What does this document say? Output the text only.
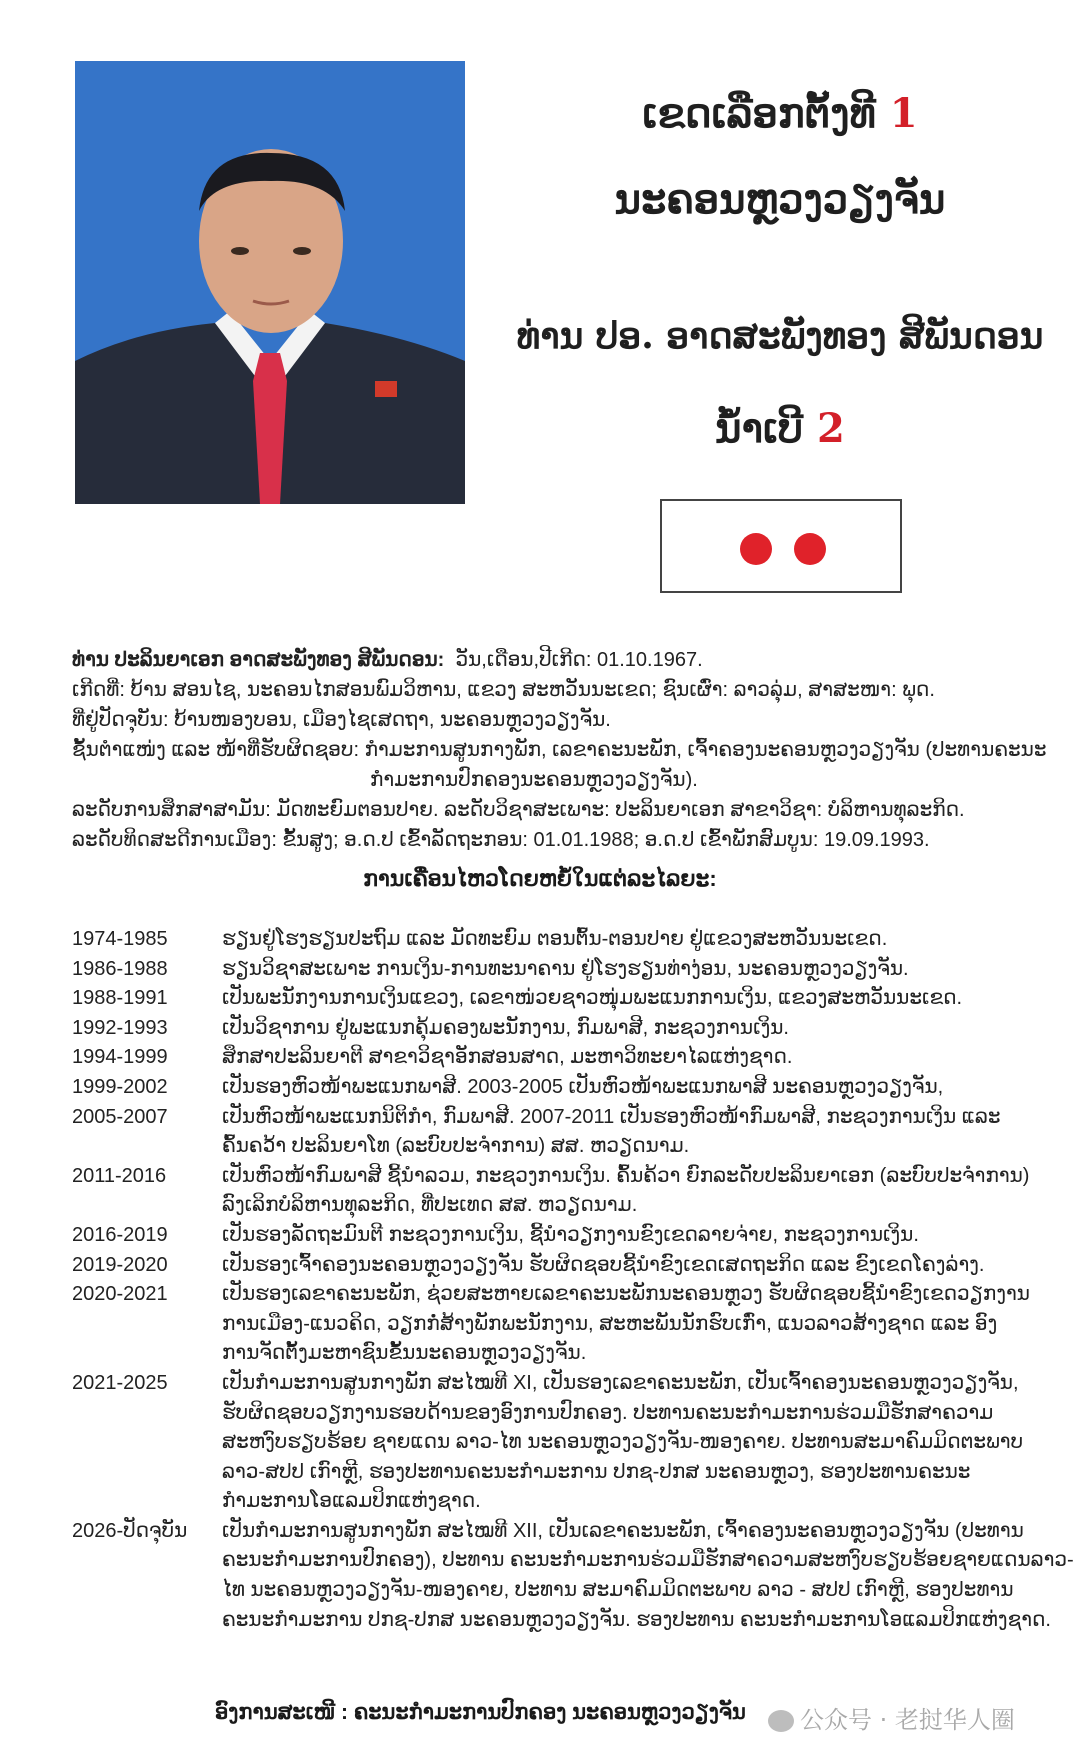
ເຂດເລືອກຕັ້ງທີ 1
ນະຄອນຫຼວງວຽງຈັນ
ທ່ານ ປອ. ອາດສະພັງທອງ ສີພັນດອນ
ນໍ້າເບີ 2
ທ່ານ ປະລິນຍາເອກ ອາດສະພັງທອງ ສີພັນດອນ: ວັນ,ເດືອນ,ປີເກີດ: 01.10.1967.
ເກີດທີ່: ບ້ານ ສອນໄຊ, ນະຄອນໄກສອນພົມວິຫານ, ແຂວງ ສະຫວັນນະເຂດ; ຊົນເຜົ່າ: ລາວລຸ່ມ, ສາສະໜາ: ພຸດ.
ທີ່ຢູ່ປັດຈຸບັນ: ບ້ານໜອງບອນ, ເມືອງໄຊເສດຖາ, ນະຄອນຫຼວງວຽງຈັນ.
ຊັ້ນຕຳແໜ່ງ ແລະ ໜ້າທີ່ຮັບຜິດຊອບ: ກຳມະການສູນກາງພັກ, ເລຂາຄະນະພັກ, ເຈົ້າຄອງນະຄອນຫຼວງວຽງຈັນ (ປະທານຄະນະ
ກຳມະການປົກຄອງນະຄອນຫຼວງວຽງຈັນ).
ລະດັບການສຶກສາສາມັນ: ມັດທະຍົມຕອນປາຍ. ລະດັບວິຊາສະເພາະ: ປະລິນຍາເອກ ສາຂາວິຊາ: ບໍລິຫານທຸລະກິດ.
ລະດັບທິດສະດີການເມືອງ: ຂັ້ນສູງ; ອ.ດ.ປ ເຂົ້າລັດຖະກອນ: 01.01.1988; ອ.ດ.ປ ເຂົ້າພັກສົມບູນ: 19.09.1993.
ການເຄື່ອນໄຫວໂດຍຫຍໍ້ໃນແຕ່ລະໄລຍະ:
1974-1985	ຮຽນຢູ່ໂຮງຮຽນປະຖົມ ແລະ ມັດທະຍົມ ຕອນຕົ້ນ-ຕອນປາຍ ຢູ່ແຂວງສະຫວັນນະເຂດ.
1986-1988	ຮຽນວິຊາສະເພາະ ການເງິນ-ການທະນາຄານ ຢູ່ໂຮງຮຽນທ່າງ່ອນ, ນະຄອນຫຼວງວຽງຈັນ.
1988-1991	ເປັນພະນັກງານການເງິນແຂວງ, ເລຂາໜ່ວຍຊາວໜຸ່ມພະແນກການເງິນ, ແຂວງສະຫວັນນະເຂດ.
1992-1993	ເປັນວິຊາການ ຢູ່ພະແນກຄຸ້ມຄອງພະນັກງານ, ກົມພາສີ, ກະຊວງການເງິນ.
1994-1999	ສຶກສາປະລິນຍາຕີ ສາຂາວິຊາອັກສອນສາດ, ມະຫາວິທະຍາໄລແຫ່ງຊາດ.
1999-2002	ເປັນຮອງຫົວໜ້າພະແນກພາສີ. 2003-2005 ເປັນຫົວໜ້າພະແນກພາສີ ນະຄອນຫຼວງວຽງຈັນ,
2005-2007	ເປັນຫົວໜ້າພະແນກນິຕິກຳ, ກົມພາສີ. 2007-2011 ເປັນຮອງຫົວໜ້າກົມພາສີ, ກະຊວງການເງິນ ແລະ
ຄົ້ນຄວ້າ ປະລິນຍາໂທ (ລະບົບປະຈຳການ) ສສ. ຫວຽດນາມ.
2011-2016	ເປັນຫົວໜ້າກົມພາສີ ຊີ້ນຳລວມ, ກະຊວງການເງິນ. ຄົ້ນຄ້ວາ ຍົກລະດັບປະລິນຍາເອກ (ລະບົບປະຈຳການ)
ລົງເລິກບໍລິຫານທຸລະກິດ, ທີ່ປະເທດ ສສ. ຫວຽດນາມ.
2016-2019	ເປັນຮອງລັດຖະມົນຕີ ກະຊວງການເງິນ, ຊີ້ນຳວຽກງານຂົງເຂດລາຍຈ່າຍ, ກະຊວງການເງິນ.
2019-2020	ເປັນຮອງເຈົ້າຄອງນະຄອນຫຼວງວຽງຈັນ ຮັບຜິດຊອບຊີ້ນຳຂົງເຂດເສດຖະກິດ ແລະ ຂົງເຂດໂຄງລ່າງ.
2020-2021	ເປັນຮອງເລຂາຄະນະພັກ, ຊ່ວຍສະຫາຍເລຂາຄະນະພັກນະຄອນຫຼວງ ຮັບຜິດຊອບຊີ້ນຳຂົງເຂດວຽກງານ
ການເມືອງ-ແນວຄິດ, ວຽກກໍ່ສ້າງພັກພະນັກງານ, ສະຫະພັນນັກຮົບເກົ່າ, ແນວລາວສ້າງຊາດ ແລະ ອົງ
ການຈັດຕັ້ງມະຫາຊົນຂັ້ນນະຄອນຫຼວງວຽງຈັນ.
2021-2025	ເປັນກຳມະການສູນກາງພັກ ສະໄໝທີ XI, ເປັນຮອງເລຂາຄະນະພັກ, ເປັນເຈົ້າຄອງນະຄອນຫຼວງວຽງຈັນ,
ຮັບຜິດຊອບວຽກງານຮອບດ້ານຂອງອົງການປົກຄອງ. ປະທານຄະນະກຳມະການຮ່ວມມືຮັກສາຄວາມ
ສະຫງົບຮຽບຮ້ອຍ ຊາຍແດນ ລາວ-ໄທ ນະຄອນຫຼວງວຽງຈັນ-ໜອງຄາຍ. ປະທານສະມາຄົມມິດຕະພາບ
ລາວ-ສປປ ເກົາຫຼີ, ຮອງປະທານຄະນະກຳມະການ ປກຊ-ປກສ ນະຄອນຫຼວງ, ຮອງປະທານຄະນະ
ກຳມະການໂອແລມປິກແຫ່ງຊາດ.
2026-ປັດຈຸບັນ	ເປັນກຳມະການສູນກາງພັກ ສະໄໝທີ XII, ເປັນເລຂາຄະນະພັກ, ເຈົ້າຄອງນະຄອນຫຼວງວຽງຈັນ (ປະທານ
ຄະນະກຳມະການປົກຄອງ), ປະທານ ຄະນະກຳມະການຮ່ວມມືຮັກສາຄວາມສະຫງົບຮຽບຮ້ອຍຊາຍແດນລາວ-
ໄທ ນະຄອນຫຼວງວຽງຈັນ-ໜອງຄາຍ, ປະທານ ສະມາຄົມມິດຕະພາບ ລາວ - ສປປ ເກົາຫຼີ, ຮອງປະທານ
ຄະນະກຳມະການ ປກຊ-ປກສ ນະຄອນຫຼວງວຽງຈັນ. ຮອງປະທານ ຄະນະກຳມະການໂອແລມປິກແຫ່ງຊາດ.
ອົງການສະເໜີ : ຄະນະກຳມະການປົກຄອງ ນະຄອນຫຼວງວຽງຈັນ	公众号 · 老挝华人圈
